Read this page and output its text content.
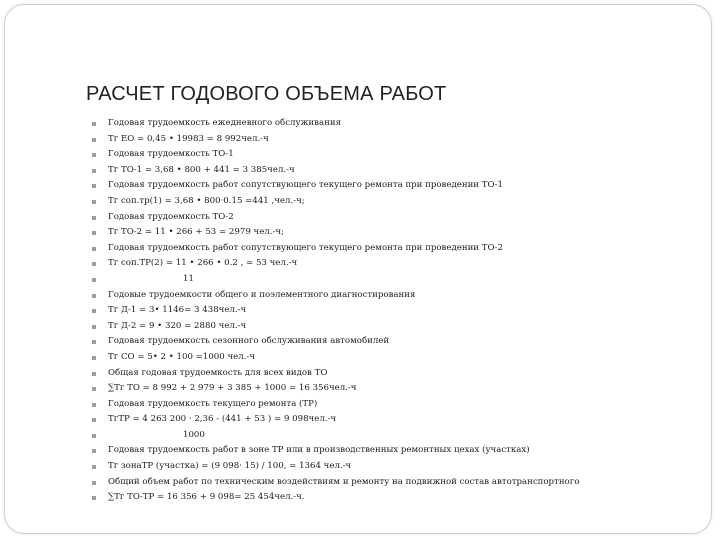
РАСЧЕТ ГОДОВОГО ОБЪЕМА РАБОТ
Годовая трудоемкость ежедневного обслуживания
Тг ЕО = 0,45 • 19983 = 8 992чел.-ч
Годовая трудоемкость ТО-1
Тг ТО-1 = 3,68 • 800 + 441 = 3 385чел.-ч
Годовая трудоемкость работ сопутствующего текущего ремонта при проведении ТО-1
Тг соп.тр(1) = 3,68 • 800·0.15 =441 ,чел.-ч;
Годовая трудоемкость ТО-2
Тг ТО-2 = 11 • 266 + 53 = 2979 чел.-ч;
Годовая трудоемкость работ сопутствующего текущего ремонта при проведении ТО-2
Тг соп.ТР(2) = 11 • 266 • 0.2 , = 53 чел.-ч
11
Годовые трудоемкости общего и поэлементного диагностирования
Тг Д-1 = 3• 1146= 3 438чел.-ч
Тг Д-2 = 9 • 320 = 2880 чел.-ч
Годовая трудоемкость сезонного обслуживания автомобилей
Тг СО = 5• 2 • 100 =1000 чел.-ч
Общая годовая трудоемкость для всех видов ТО
∑Тг ТО = 8 992 + 2 979 + 3 385 + 1000 = 16 356чел.-ч
Годовая трудоемкость текущего ремонта (ТР)
ТгТР = 4 263 200 · 2,36 - (441 + 53 ) = 9 098чел.-ч
1000
Годовая трудоемкость работ в зоне ТР или в производственных ремонтных цехах (участках)
Тг зонаТР (участка) = (9 098· 15) / 100, = 1364 чел.-ч
Общий объем работ по техническим воздействиям и ремонту на подвижной состав автотранспортного
∑Тг ТО-ТР = 16 356 + 9 098= 25 454чел.-ч.
